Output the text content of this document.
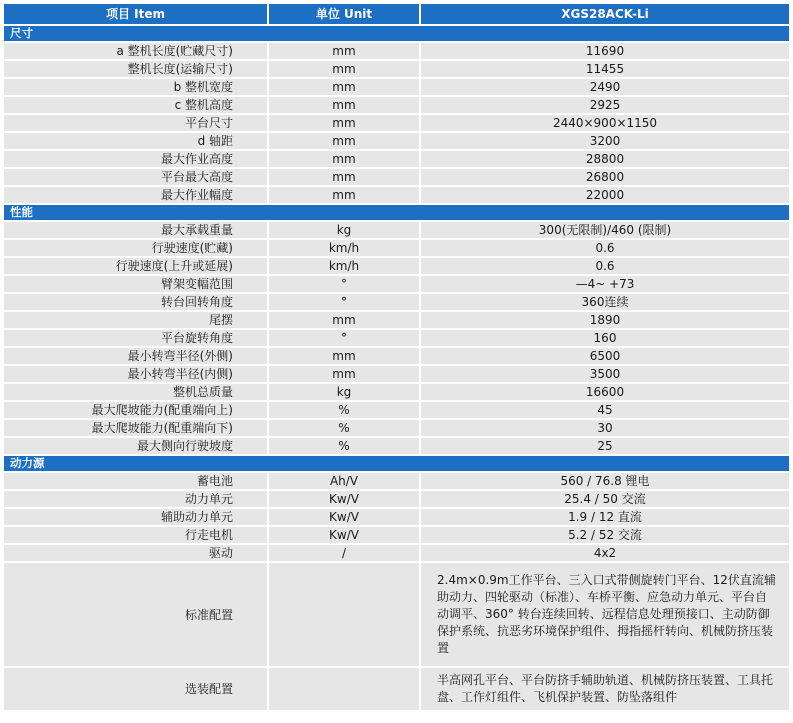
项目 Item	单位 Unit	XGS28ACK-Li
尺寸		
a 整机长度(贮藏尺寸)	mm	11690
整机长度(运输尺寸)	mm	11455
b 整机宽度	mm	2490
c 整机高度	mm	2925
平台尺寸	mm	2440×900×1150
d 轴距	mm	3200
最大作业高度	mm	28800
平台最大高度	mm	26800
最大作业幅度	mm	22000
性能		
最大承载重量	kg	300(无限制)/460 (限制)
行驶速度(贮藏)	km/h	0.6
行驶速度(上升或延展)	km/h	0.6
臂架变幅范围	°	—4~ +73
转台回转角度	°	360连续
尾摆	mm	1890
平台旋转角度	°	160
最小转弯半径(外侧)	mm	6500
最小转弯半径(内侧)	mm	3500
整机总质量	kg	16600
最大爬坡能力(配重端向上)	%	45
最大爬坡能力(配重端向下)	%	30
最大侧向行驶坡度	%	25
动力源		
蓄电池	Ah/V	560 / 76.8 锂电
动力单元	Kw/V	25.4 / 50 交流
辅助动力单元	Kw/V	1.9 / 12 直流
行走电机	Kw/V	5.2 / 52 交流
驱动	/	4x2
标准配置		2.4m×0.9m工作平台、三入口式带侧旋转门平台、12伏直流辅助动力、四轮驱动（标准）、车桥平衡、应急动力单元、平台自动调平、360° 转台连续回转、远程信息处理预接口、主动防御保护系统、抗恶劣环境保护组件、拇指摇杆转向、机械防挤压装置
选装配置		半高网孔平台、平台防挤手辅助轨道、机械防挤压装置、工具托盘、工作灯组件、飞机保护装置、防坠落组件
